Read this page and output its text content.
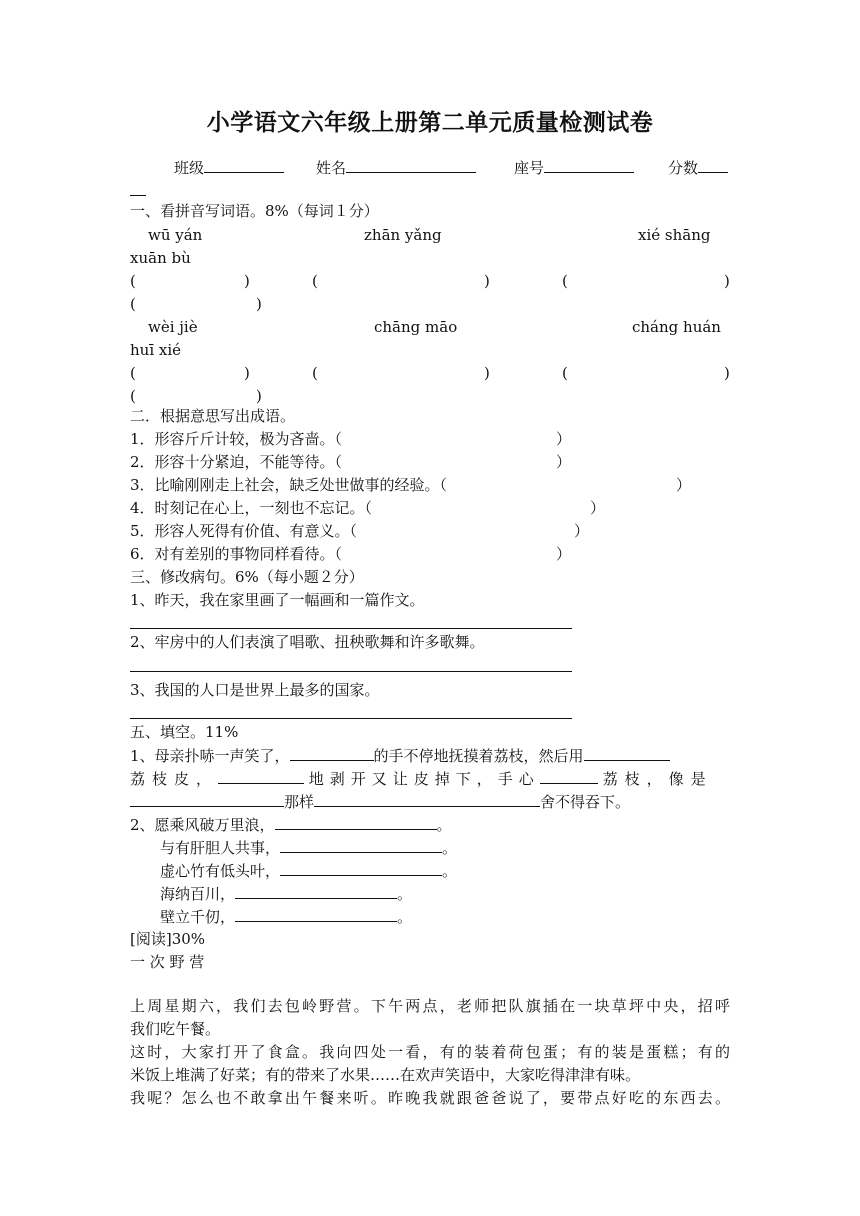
小学语文六年级上册第二单元质量检测试卷
班级	姓名	座号	分数
一、看拼音写词语。8%（每词１分）
wū yán	zhān yǎng	xié shāng
xuān bù
(	)	(	)	(	)
(	)
wèi jiè	chāng māo	cháng huán
huī xié
(	)	(	)	(	)
(	)
二．根据意思写出成语。
1．形容斤斤计较，极为吝啬。（	）
2．形容十分紧迫，不能等待。（	）
3．比喻刚刚走上社会，缺乏处世做事的经验。（	）
4．时刻记在心上，一刻也不忘记。（	）
5．形容人死得有价值、有意义。（	）
6．对有差别的事物同样看待。（	）
三、修改病句。6%（每小题２分）
1、昨天，我在家里画了一幅画和一篇作文。
2、牢房中的人们表演了唱歌、扭秧歌舞和许多歌舞。
3、我国的人口是世界上最多的国家。
五、填空。11%
1、母亲扑哧一声笑了，	的手不停地抚摸着荔枝，然后用
荔枝皮，	地剥开又让皮掉下，手心	荔枝，像是
那样	舍不得吞下。
2、愿乘风破万里浪，	。
与有肝胆人共事，	。
虚心竹有低头叶，	。
海纳百川，	。
壁立千仞，	。
[阅读]30%
一 次 野 营
上周星期六，我们去包岭野营。下午两点，老师把队旗插在一块草坪中央，招呼
我们吃午餐。
这时，大家打开了食盒。我向四处一看，有的装着荷包蛋；有的装是蛋糕；有的
米饭上堆满了好菜；有的带来了水果……在欢声笑语中，大家吃得津津有味。
我呢？怎么也不敢拿出午餐来听。昨晚我就跟爸爸说了，要带点好吃的东西去。
